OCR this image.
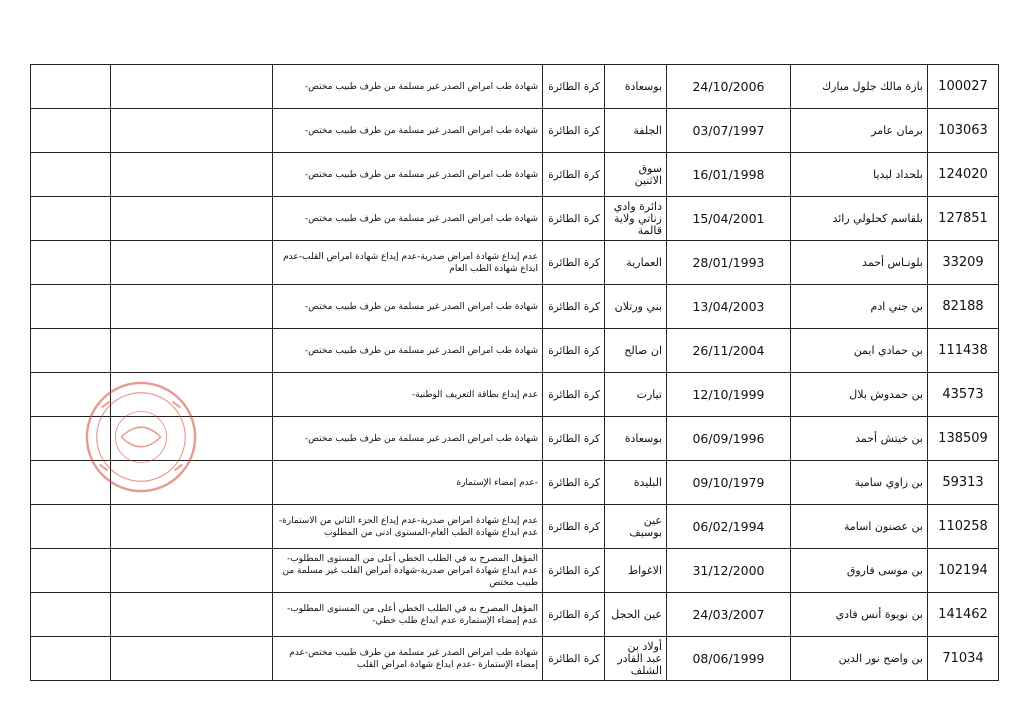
		شهادة طب امراض الصدر غير مسلمة من طرف طبيب مختص-	كرة الطائرة	بوسعادة	24/10/2006	بازة مالك جلول مبارك	100027	
		شهادة طب امراض الصدر غير مسلمة من طرف طبيب مختص-	كرة الطائرة	الجلفة	03/07/1997	برمان عامر	103063	
		شهادة طب امراض الصدر غير مسلمة من طرف طبيب مختص-	كرة الطائرة	سوق الاثنين	16/01/1998	بلحداد ليديا	124020	
		شهادة طب امراض الصدر غير مسلمة من طرف طبيب مختص-	كرة الطائرة	دائرة وادي زناتي ولاية قالمة	15/04/2001	بلقاسم كحلولي رائد	127851	
		عدم إيداع شهادة امراض صدرية-عدم إيداع شهادة امراض القلب-عدم ايداع شهادة الطب العام	كرة الطائرة	العمارية	28/01/1993	بلونـاس أحمد	33209	
		شهادة طب امراض الصدر غير مسلمة من طرف طبيب مختص-	كرة الطائرة	بني ورتلان	13/04/2003	بن جني ادم	82188	
		شهادة طب امراض الصدر غير مسلمة من طرف طبيب مختص-	كرة الطائرة	ان صالح	26/11/2004	بن حمادي ايمن	111438	
		عدم إيداع بطاقة التعريف الوطنية-	كرة الطائرة	تيارت	12/10/1999	بن حمدوش بلال	43573	
		شهادة طب امراض الصدر غير مسلمة من طرف طبيب مختص-	كرة الطائرة	بوسعادة	06/09/1996	بن خيتش أحمد	138509	
		-عدم إمضاء الإستمارة	كرة الطائرة	البليدة	09/10/1979	بن زاوي سامية	59313	
		عدم إيداع شهادة امراض صدرية-عدم إيداع الجزء الثاني من الاستمارة-عدم ايداع شهادة الطب العام-المستوى ادنى من المطلوب	كرة الطائرة	عين بوسيف	06/02/1994	بن عصنون اسامة	110258	
		المؤهل المصرح به في الطلب الخطي أعلى من المستوى المطلوب-عدم ايداع شهادة امراض صدرية-شهادة أمراض القلب غير مسلمة من طبيب مختص	كرة الطائرة	الاغواط	31/12/2000	بن موسى فاروق	102194	
		المؤهل المصرح به في الطلب الخطي أعلى من المستوى المطلوب-عدم إمضاء الإستمارة عدم ايداع طلب خطي-	كرة الطائرة	عين الحجل	24/03/2007	بن نويوة أنس فادي	141462	
		شهادة طب امراض الصدر غير مسلمة من طرف طبيب مختص-عدم إمضاء الإستمارة -عدم ايداع شهادة امراض القلب	كرة الطائرة	أولاد بن عبد القادر الشلف	08/06/1999	بن واضح نور الدين	71034	
